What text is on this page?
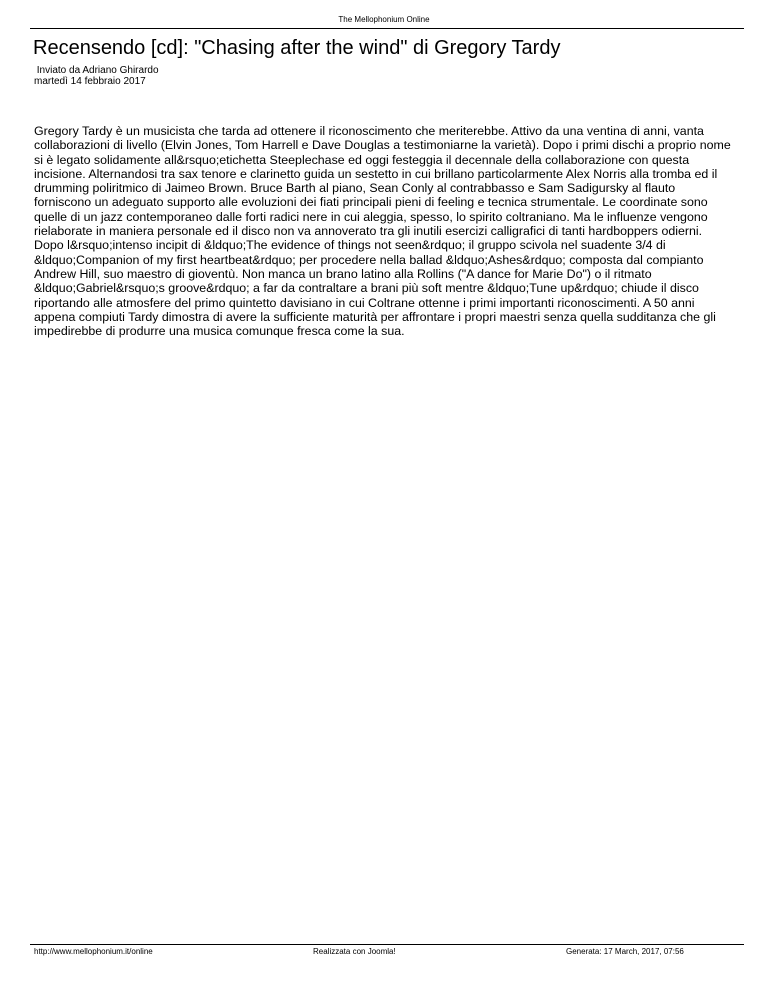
The Mellophonium Online
Recensendo [cd]: "Chasing after the wind" di Gregory Tardy
Inviato da Adriano Ghirardo
martedì 14 febbraio 2017

Gregory Tardy è un musicista che tarda ad ottenere il riconoscimento che meriterebbe. Attivo da una ventina di anni, vanta collaborazioni di livello (Elvin Jones, Tom Harrell e Dave Douglas a testimoniarne la varietà). Dopo i primi dischi a proprio nome si è legato solidamente all&rsquo;etichetta Steeplechase ed oggi festeggia il decennale della collaborazione con questa incisione. Alternandosi tra sax tenore e clarinetto guida un sestetto in cui brillano particolarmente Alex Norris alla tromba ed il drumming poliritmico di Jaimeo Brown. Bruce Barth al piano, Sean Conly al contrabbasso e Sam Sadigursky al flauto forniscono un adeguato supporto alle evoluzioni dei fiati principali pieni di feeling e tecnica strumentale. Le coordinate sono quelle di un jazz contemporaneo dalle forti radici nere in cui aleggia, spesso, lo spirito coltraniano. Ma le influenze vengono rielaborate in maniera personale ed il disco non va annoverato tra gli inutili esercizi calligrafici di tanti hardboppers odierni. Dopo l&rsquo;intenso incipit di &ldquo;The evidence of things not seen&rdquo; il gruppo scivola nel suadente 3/4 di &ldquo;Companion of my first heartbeat&rdquo; per procedere nella ballad &ldquo;Ashes&rdquo; composta dal compianto Andrew Hill, suo maestro di gioventù. Non manca un brano latino alla Rollins ("A dance for Marie Do") o il ritmato &ldquo;Gabriel&rsquo;s groove&rdquo; a far da contraltare a brani più soft mentre &ldquo;Tune up&rdquo; chiude il disco riportando alle atmosfere del primo quintetto davisiano in cui Coltrane ottenne i primi importanti riconoscimenti. A 50 anni appena compiuti Tardy dimostra di avere la sufficiente maturità per affrontare i propri maestri senza quella sudditanza che gli impedirebbe di produrre una musica comunque fresca come la sua.

http://www.mellophonium.it/online	Realizzata con Joomla!	Generata: 17 March, 2017, 07:56
